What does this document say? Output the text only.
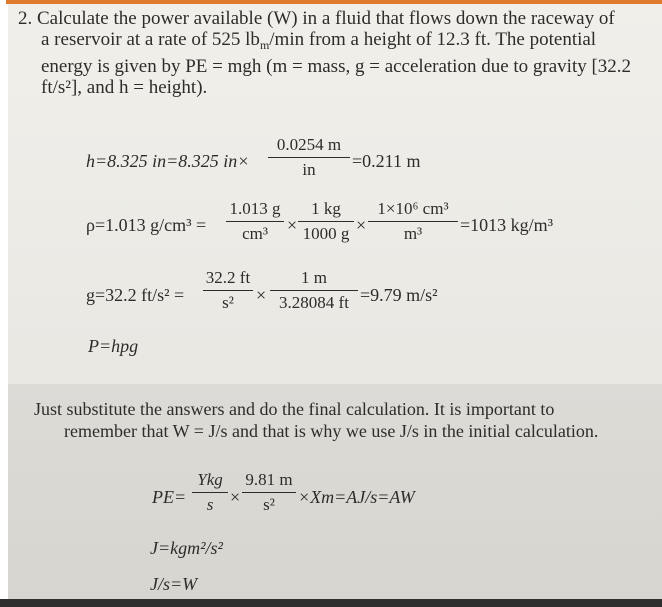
2. Calculate the power available (W) in a fluid that flows down the raceway of
a reservoir at a rate of 525 $lb_m/\min$ from a height of 12.3 ft. The potential
energy is given by PE = mgh (m = mass, g = acceleration due to gravity [32.2
ft/s²], and h = height).
h=8.325 in=8.325 $in\times \frac{0.0254 m}{in} =0.211$ m
ρ=1.013 $g/cm^3 = \frac{1.013 g}{\text{cm³}} \times \frac{1 kg}{1000 g} \times \frac{\text{1×10⁶ cm³}}{\text{m³}} =1013$ kg/m³
g=32.2 $ft/s^2 = \frac{32.2 ft}{\text{s²}} \times \frac{1 m}{3.28084 ft} =9.79$ m/s²
P=hpg
Just substitute the answers and do the final calculation. It is important to
remember that W = J/s and that is why we use J/s in the initial calculation.
PE=
Ykg
$s \times \frac{9.81 m}{\text{s²}} \times Xm=AJ/s=AW$
J=kgm²/s²
J/s=W
